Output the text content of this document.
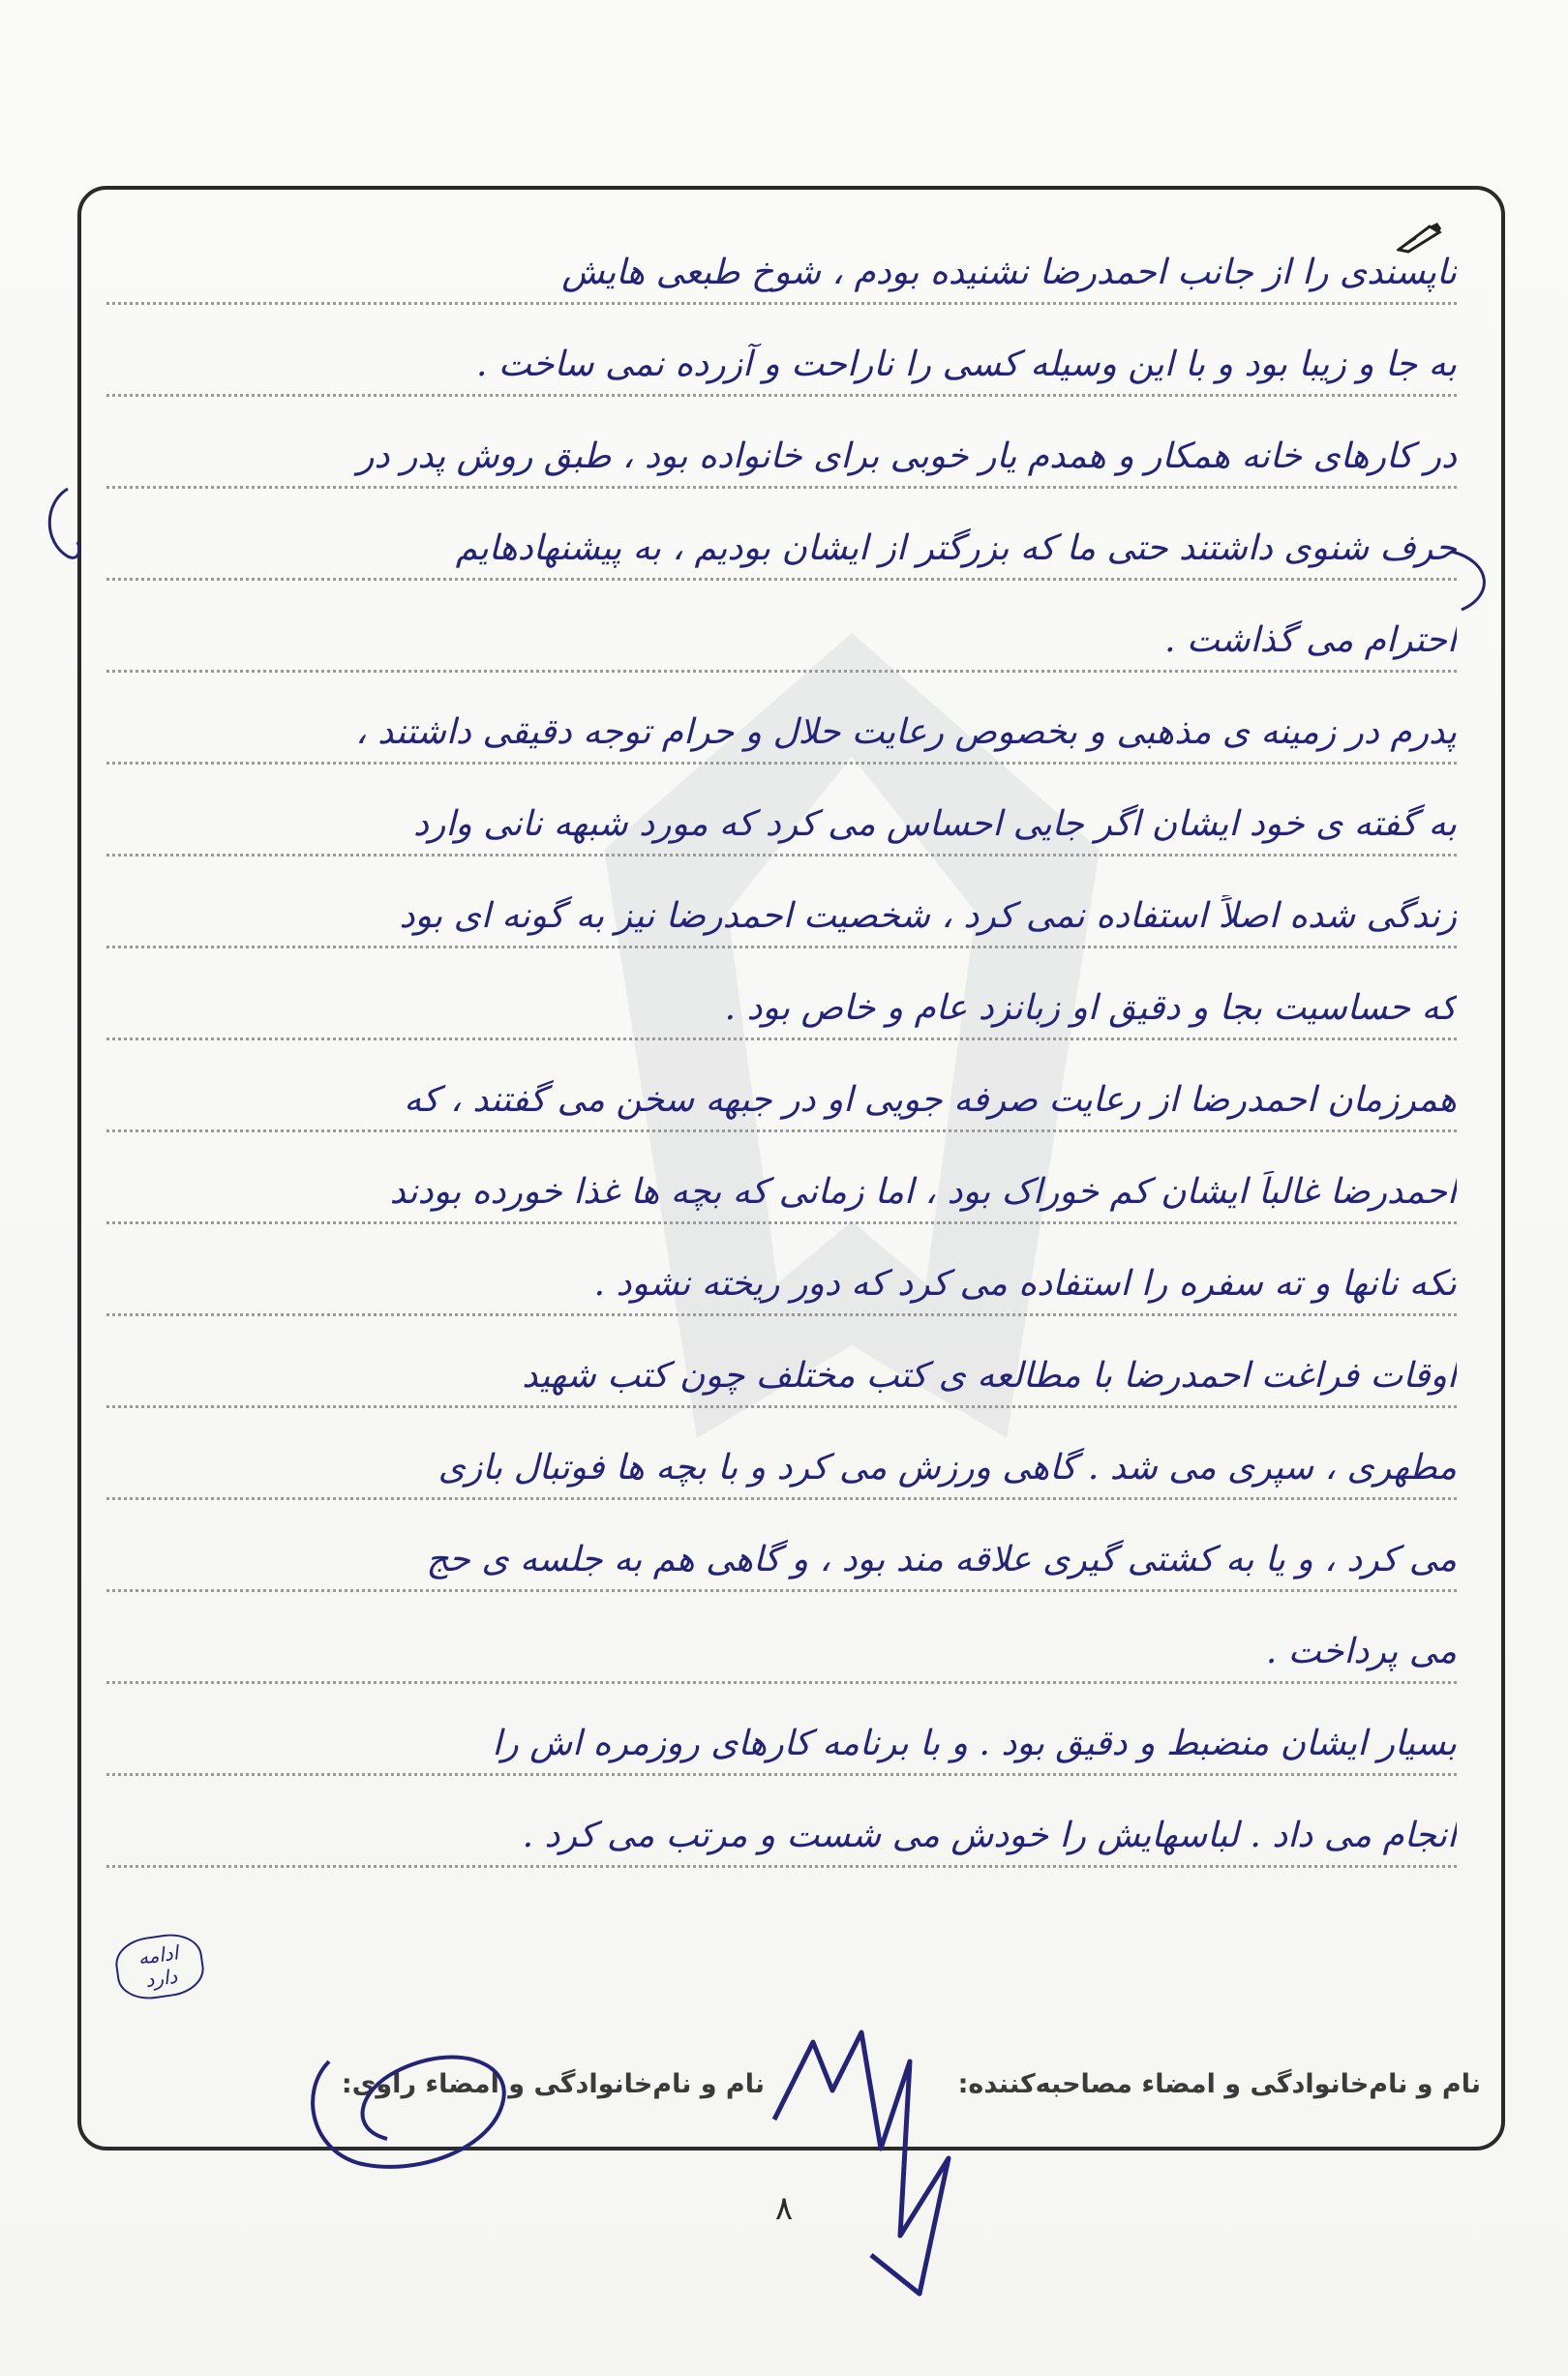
ناپسندی را از جانب احمدرضا نشنیده بودم ، شوخ طبعی هایش
به جا و زیبا بود و با این وسیله کسی را ناراحت و آزرده نمی ساخت .
در کارهای خانه همکار و همدم یار خوبی برای خانواده بود ، طبق روش پدر در
حرف شنوی داشتند حتی ما که بزرگتر از ایشان بودیم ، به پیشنهادهایم
احترام می گذاشت .
پدرم در زمینه ی مذهبی و بخصوص رعایت حلال و حرام توجه دقیقی داشتند ،
به گفته ی خود ایشان اگر جایی احساس می کرد که مورد شبهه نانی وارد
زندگی شده اصلاً استفاده نمی کرد ، شخصیت احمدرضا نیز به گونه ای بود
که حساسیت بجا و دقیق او زبانزد عام و خاص بود .
همرزمان احمدرضا از رعایت صرفه جویی او در جبهه سخن می گفتند ، که
احمدرضا غالباً ایشان کم خوراک بود ، اما زمانی که بچه ها غذا خورده بودند
تکه نانها و ته سفره را استفاده می کرد که دور ریخته نشود .
اوقات فراغت احمدرضا با مطالعه ی کتب مختلف چون کتب شهید
مطهری ، سپری می شد . گاهی ورزش می کرد و با بچه ها فوتبال بازی
می کرد ، و یا به کشتی گیری علاقه مند بود ، و گاهی هم به جلسه ی حج
می پرداخت .
بسیار ایشان منضبط و دقیق بود . و با برنامه کارهای روزمره اش را
انجام می داد . لباسهایش را خودش می شست و مرتب می کرد .
ادامه دارد
نام و نام‌خانوادگی و امضاء مصاحبه‌کننده:
نام و نام‌خانوادگی و امضاء راوی:
۸
